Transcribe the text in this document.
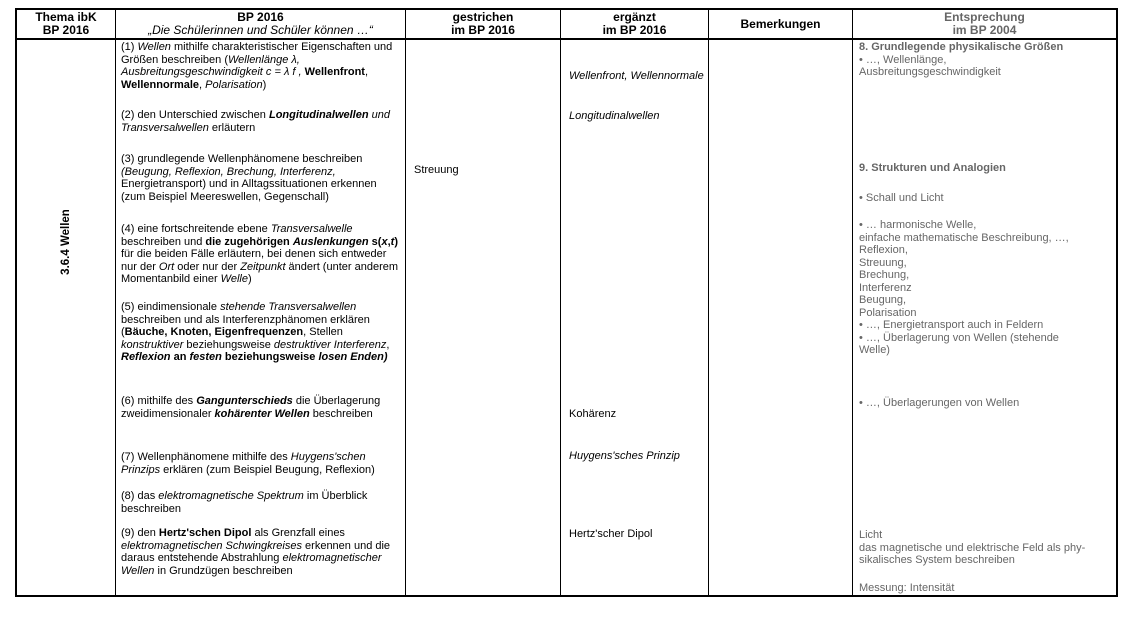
Thema ibK
BP 2016
BP 2016
„Die Schülerinnen und Schüler können …“
gestrichen
im BP 2016
ergänzt
im BP 2016	Bemerkungen	Entsprechung
im BP 2004
3.6.4 Wellen
(1) Wellen mithilfe charakteristischer Eigenschaften und Größen beschreiben (Wellenlänge λ, Ausbreitungsgeschwindigkeit c = λ f , Wellenfront, Wellennormale, Polarisation)
(2) den Unterschied zwischen Longitudinalwellen und Transversalwellen erläutern
(3) grundlegende Wellenphänomene beschreiben (Beugung, Reflexion, Brechung, Interferenz, Energietransport) und in Alltagssituationen erkennen (zum Beispiel Meereswellen, Gegenschall)
(4) eine fortschreitende ebene Transversalwelle beschreiben und die zugehörigen Auslenkungen s(x,t) für die beiden Fälle erläutern, bei denen sich entweder nur der Ort oder nur der Zeitpunkt ändert (unter anderem Momentanbild einer Welle)
(5) eindimensionale stehende Transversalwellen beschreiben und als Interferenzphänomen erklären (Bäuche, Knoten, Eigenfrequenzen, Stellen konstruktiver beziehungsweise destruktiver Interferenz, Reflexion an festen beziehungsweise losen Enden)
(6) mithilfe des Gangunterschieds die Überlagerung zweidimensionaler kohärenter Wellen beschreiben
(7) Wellenphänomene mithilfe des Huygens'schen Prinzips erklären (zum Beispiel Beugung, Reflexion)
(8) das elektromagnetische Spektrum im Überblick beschreiben
(9) den Hertz'schen Dipol als Grenzfall eines elektromagnetischen Schwingkreises erkennen und die daraus entstehende Abstrahlung elektromagnetischer Wellen in Grundzügen beschreiben
Streuung
Wellenfront, Wellennormale
Longitudinalwellen
Kohärenz
Huygens'sches Prinzip
Hertz'scher Dipol
8. Grundlegende physikalische Größen
• …, Wellenlänge,
Ausbreitungsgeschwindigkeit
9. Strukturen und Analogien
• Schall und Licht
• … harmonische Welle,
einfache mathematische Beschreibung, …,
Reflexion,
Streuung,
Brechung,
Interferenz
Beugung,
Polarisation
• …, Energietransport auch in Feldern
• …, Überlagerung von Wellen (stehende
Welle)
• …, Überlagerungen von Wellen
Licht
das magnetische und elektrische Feld als phy-
sikalisches System beschreiben
Messung: Intensität
